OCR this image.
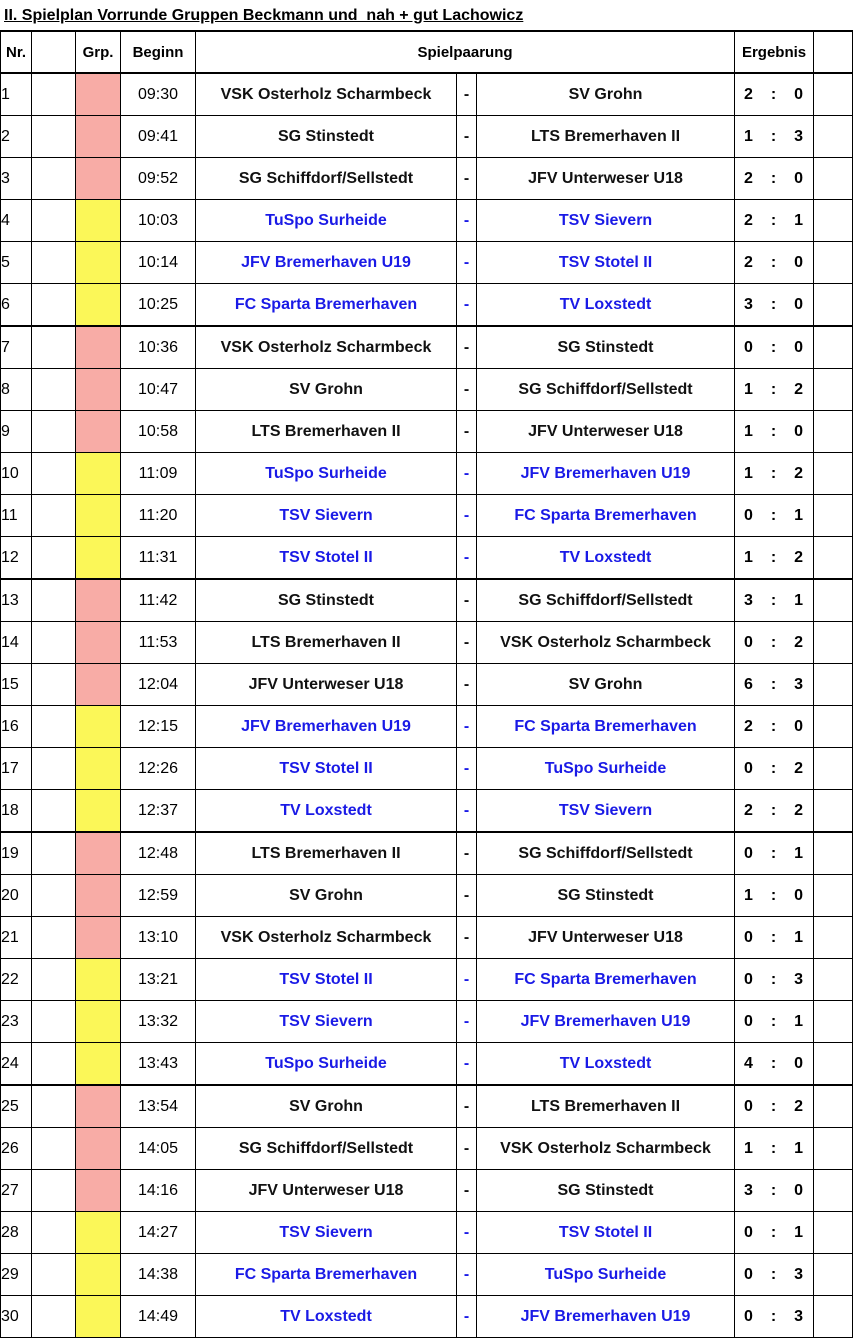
II. Spielplan Vorrunde Gruppen Beckmann und  nah + gut Lachowicz
Nr.		Grp.	Beginn	Spielpaarung			Ergebnis	
1			09:30	VSK Osterholz Scharmbeck	-	SV Grohn	2 : 0	

2			09:41	SG Stinstedt	-	LTS Bremerhaven II	1 : 3	

3			09:52	SG Schiffdorf/Sellstedt	-	JFV Unterweser U18	2 : 0	

4			10:03	TuSpo Surheide	-	TSV Sievern	2 : 1	

5			10:14	JFV Bremerhaven U19	-	TSV Stotel II	2 : 0	

6			10:25	FC Sparta Bremerhaven	-	TV Loxstedt	3 : 0	

7			10:36	VSK Osterholz Scharmbeck	-	SG Stinstedt	0 : 0	

8			10:47	SV Grohn	-	SG Schiffdorf/Sellstedt	1 : 2	

9			10:58	LTS Bremerhaven II	-	JFV Unterweser U18	1 : 0	

10			11:09	TuSpo Surheide	-	JFV Bremerhaven U19	1 : 2	

11			11:20	TSV Sievern	-	FC Sparta Bremerhaven	0 : 1	

12			11:31	TSV Stotel II	-	TV Loxstedt	1 : 2	

13			11:42	SG Stinstedt	-	SG Schiffdorf/Sellstedt	3 : 1	

14			11:53	LTS Bremerhaven II	-	VSK Osterholz Scharmbeck	0 : 2	

15			12:04	JFV Unterweser U18	-	SV Grohn	6 : 3	

16			12:15	JFV Bremerhaven U19	-	FC Sparta Bremerhaven	2 : 0	

17			12:26	TSV Stotel II	-	TuSpo Surheide	0 : 2	

18			12:37	TV Loxstedt	-	TSV Sievern	2 : 2	

19			12:48	LTS Bremerhaven II	-	SG Schiffdorf/Sellstedt	0 : 1	

20			12:59	SV Grohn	-	SG Stinstedt	1 : 0	

21			13:10	VSK Osterholz Scharmbeck	-	JFV Unterweser U18	0 : 1	

22			13:21	TSV Stotel II	-	FC Sparta Bremerhaven	0 : 3	

23			13:32	TSV Sievern	-	JFV Bremerhaven U19	0 : 1	

24			13:43	TuSpo Surheide	-	TV Loxstedt	4 : 0	

25			13:54	SV Grohn	-	LTS Bremerhaven II	0 : 2	

26			14:05	SG Schiffdorf/Sellstedt	-	VSK Osterholz Scharmbeck	1 : 1	

27			14:16	JFV Unterweser U18	-	SG Stinstedt	3 : 0	

28			14:27	TSV Sievern	-	TSV Stotel II	0 : 1	

29			14:38	FC Sparta Bremerhaven	-	TuSpo Surheide	0 : 3	

30			14:49	TV Loxstedt	-	JFV Bremerhaven U19	0 : 3	
